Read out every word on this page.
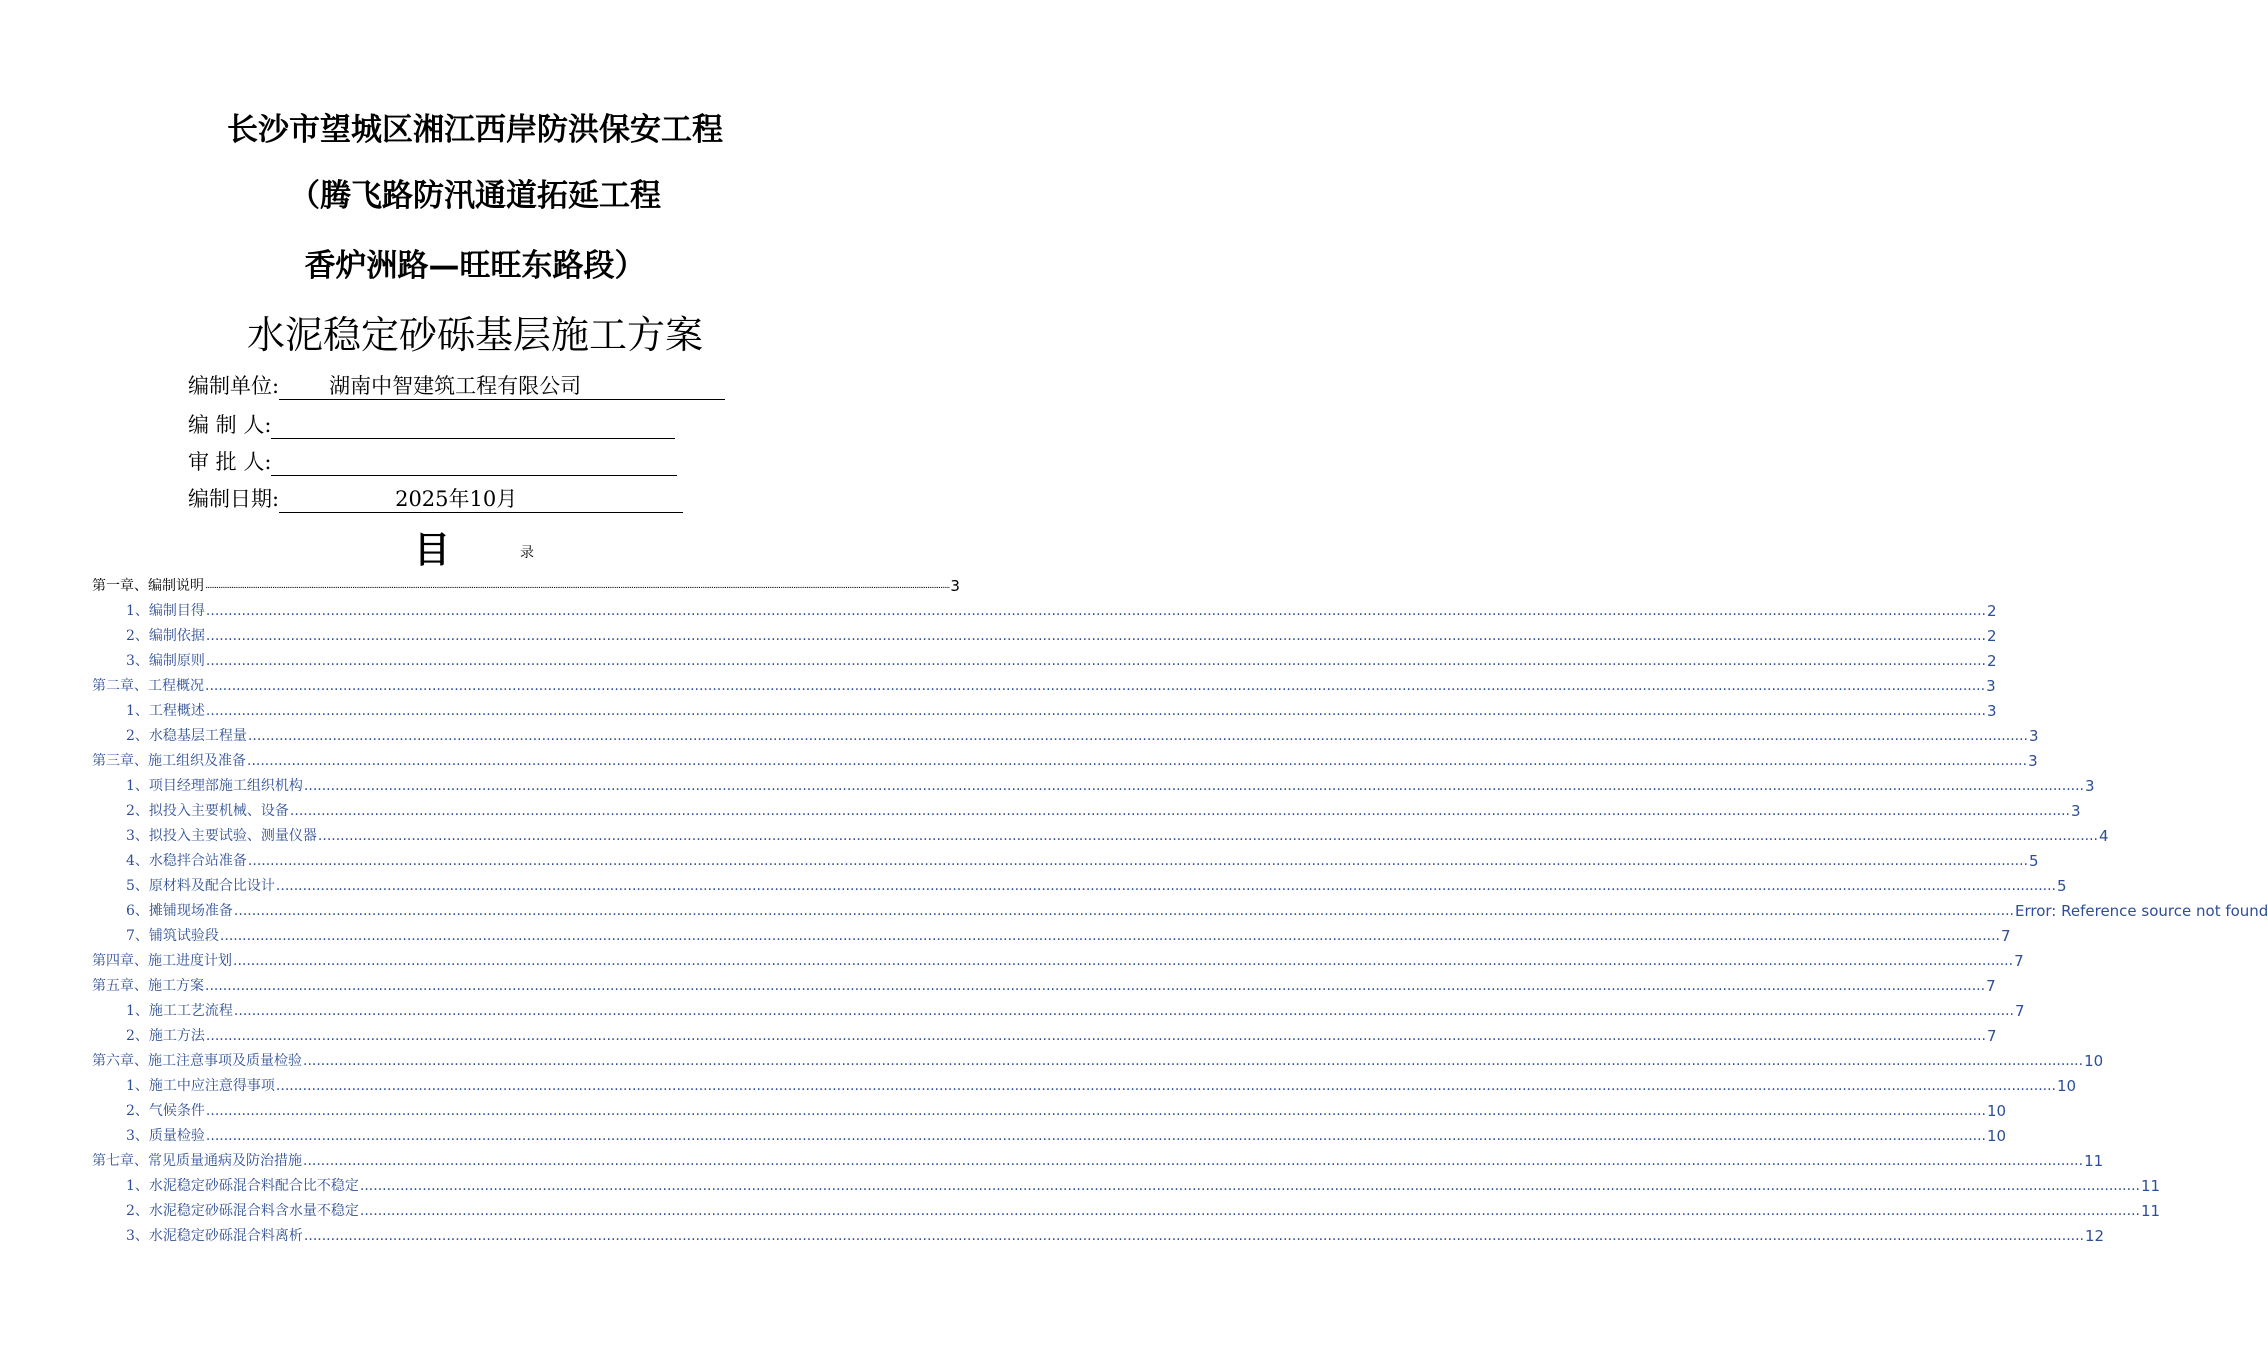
长沙市望城区湘江西岸防洪保安工程
（腾飞路防汛通道拓延工程
香炉洲路—旺旺东路段）
水泥稳定砂砾基层施工方案
编制单位:	湖南中智建筑工程有限公司
编 制 人:
审 批 人:
编制日期:	2025年10月
目	录
第一章、编制说明 ................................................................................................................................................................................................................................................................................................................................................................................................................ 3
1、编制目得 ................................................................................................................................................................................................................................................................................................................................................................................................................ 2
2、编制依据 ................................................................................................................................................................................................................................................................................................................................................................................................................ 2
3、编制原则 ................................................................................................................................................................................................................................................................................................................................................................................................................ 2
第二章、工程概况 ................................................................................................................................................................................................................................................................................................................................................................................................................ 3
1、工程概述 ................................................................................................................................................................................................................................................................................................................................................................................................................ 3
2、水稳基层工程量 ................................................................................................................................................................................................................................................................................................................................................................................................................ 3
第三章、施工组织及准备 ................................................................................................................................................................................................................................................................................................................................................................................................................ 3
1、项目经理部施工组织机构 ................................................................................................................................................................................................................................................................................................................................................................................................................ 3
2、拟投入主要机械、设备 ................................................................................................................................................................................................................................................................................................................................................................................................................ 3
3、拟投入主要试验、测量仪器 ................................................................................................................................................................................................................................................................................................................................................................................................................ 4
4、水稳拌合站准备 ................................................................................................................................................................................................................................................................................................................................................................................................................ 5
5、原材料及配合比设计 ................................................................................................................................................................................................................................................................................................................................................................................................................ 5
6、摊铺现场准备 ................................................................................................................................................................................................................................................................................................................................................................................................................ Error: Reference source not found
7、铺筑试验段 ................................................................................................................................................................................................................................................................................................................................................................................................................ 7
第四章、施工进度计划 ................................................................................................................................................................................................................................................................................................................................................................................................................ 7
第五章、施工方案 ................................................................................................................................................................................................................................................................................................................................................................................................................ 7
1、施工工艺流程 ................................................................................................................................................................................................................................................................................................................................................................................................................ 7
2、施工方法 ................................................................................................................................................................................................................................................................................................................................................................................................................ 7
第六章、施工注意事项及质量检验 ................................................................................................................................................................................................................................................................................................................................................................................................................ 10
1、施工中应注意得事项 ................................................................................................................................................................................................................................................................................................................................................................................................................ 10
2、气候条件 ................................................................................................................................................................................................................................................................................................................................................................................................................ 10
3、质量检验 ................................................................................................................................................................................................................................................................................................................................................................................................................ 10
第七章、常见质量通病及防治措施 ................................................................................................................................................................................................................................................................................................................................................................................................................ 11
1、水泥稳定砂砾混合料配合比不稳定 ................................................................................................................................................................................................................................................................................................................................................................................................................ 11
2、水泥稳定砂砾混合料含水量不稳定 ................................................................................................................................................................................................................................................................................................................................................................................................................ 11
3、水泥稳定砂砾混合料离析 ................................................................................................................................................................................................................................................................................................................................................................................................................ 12
